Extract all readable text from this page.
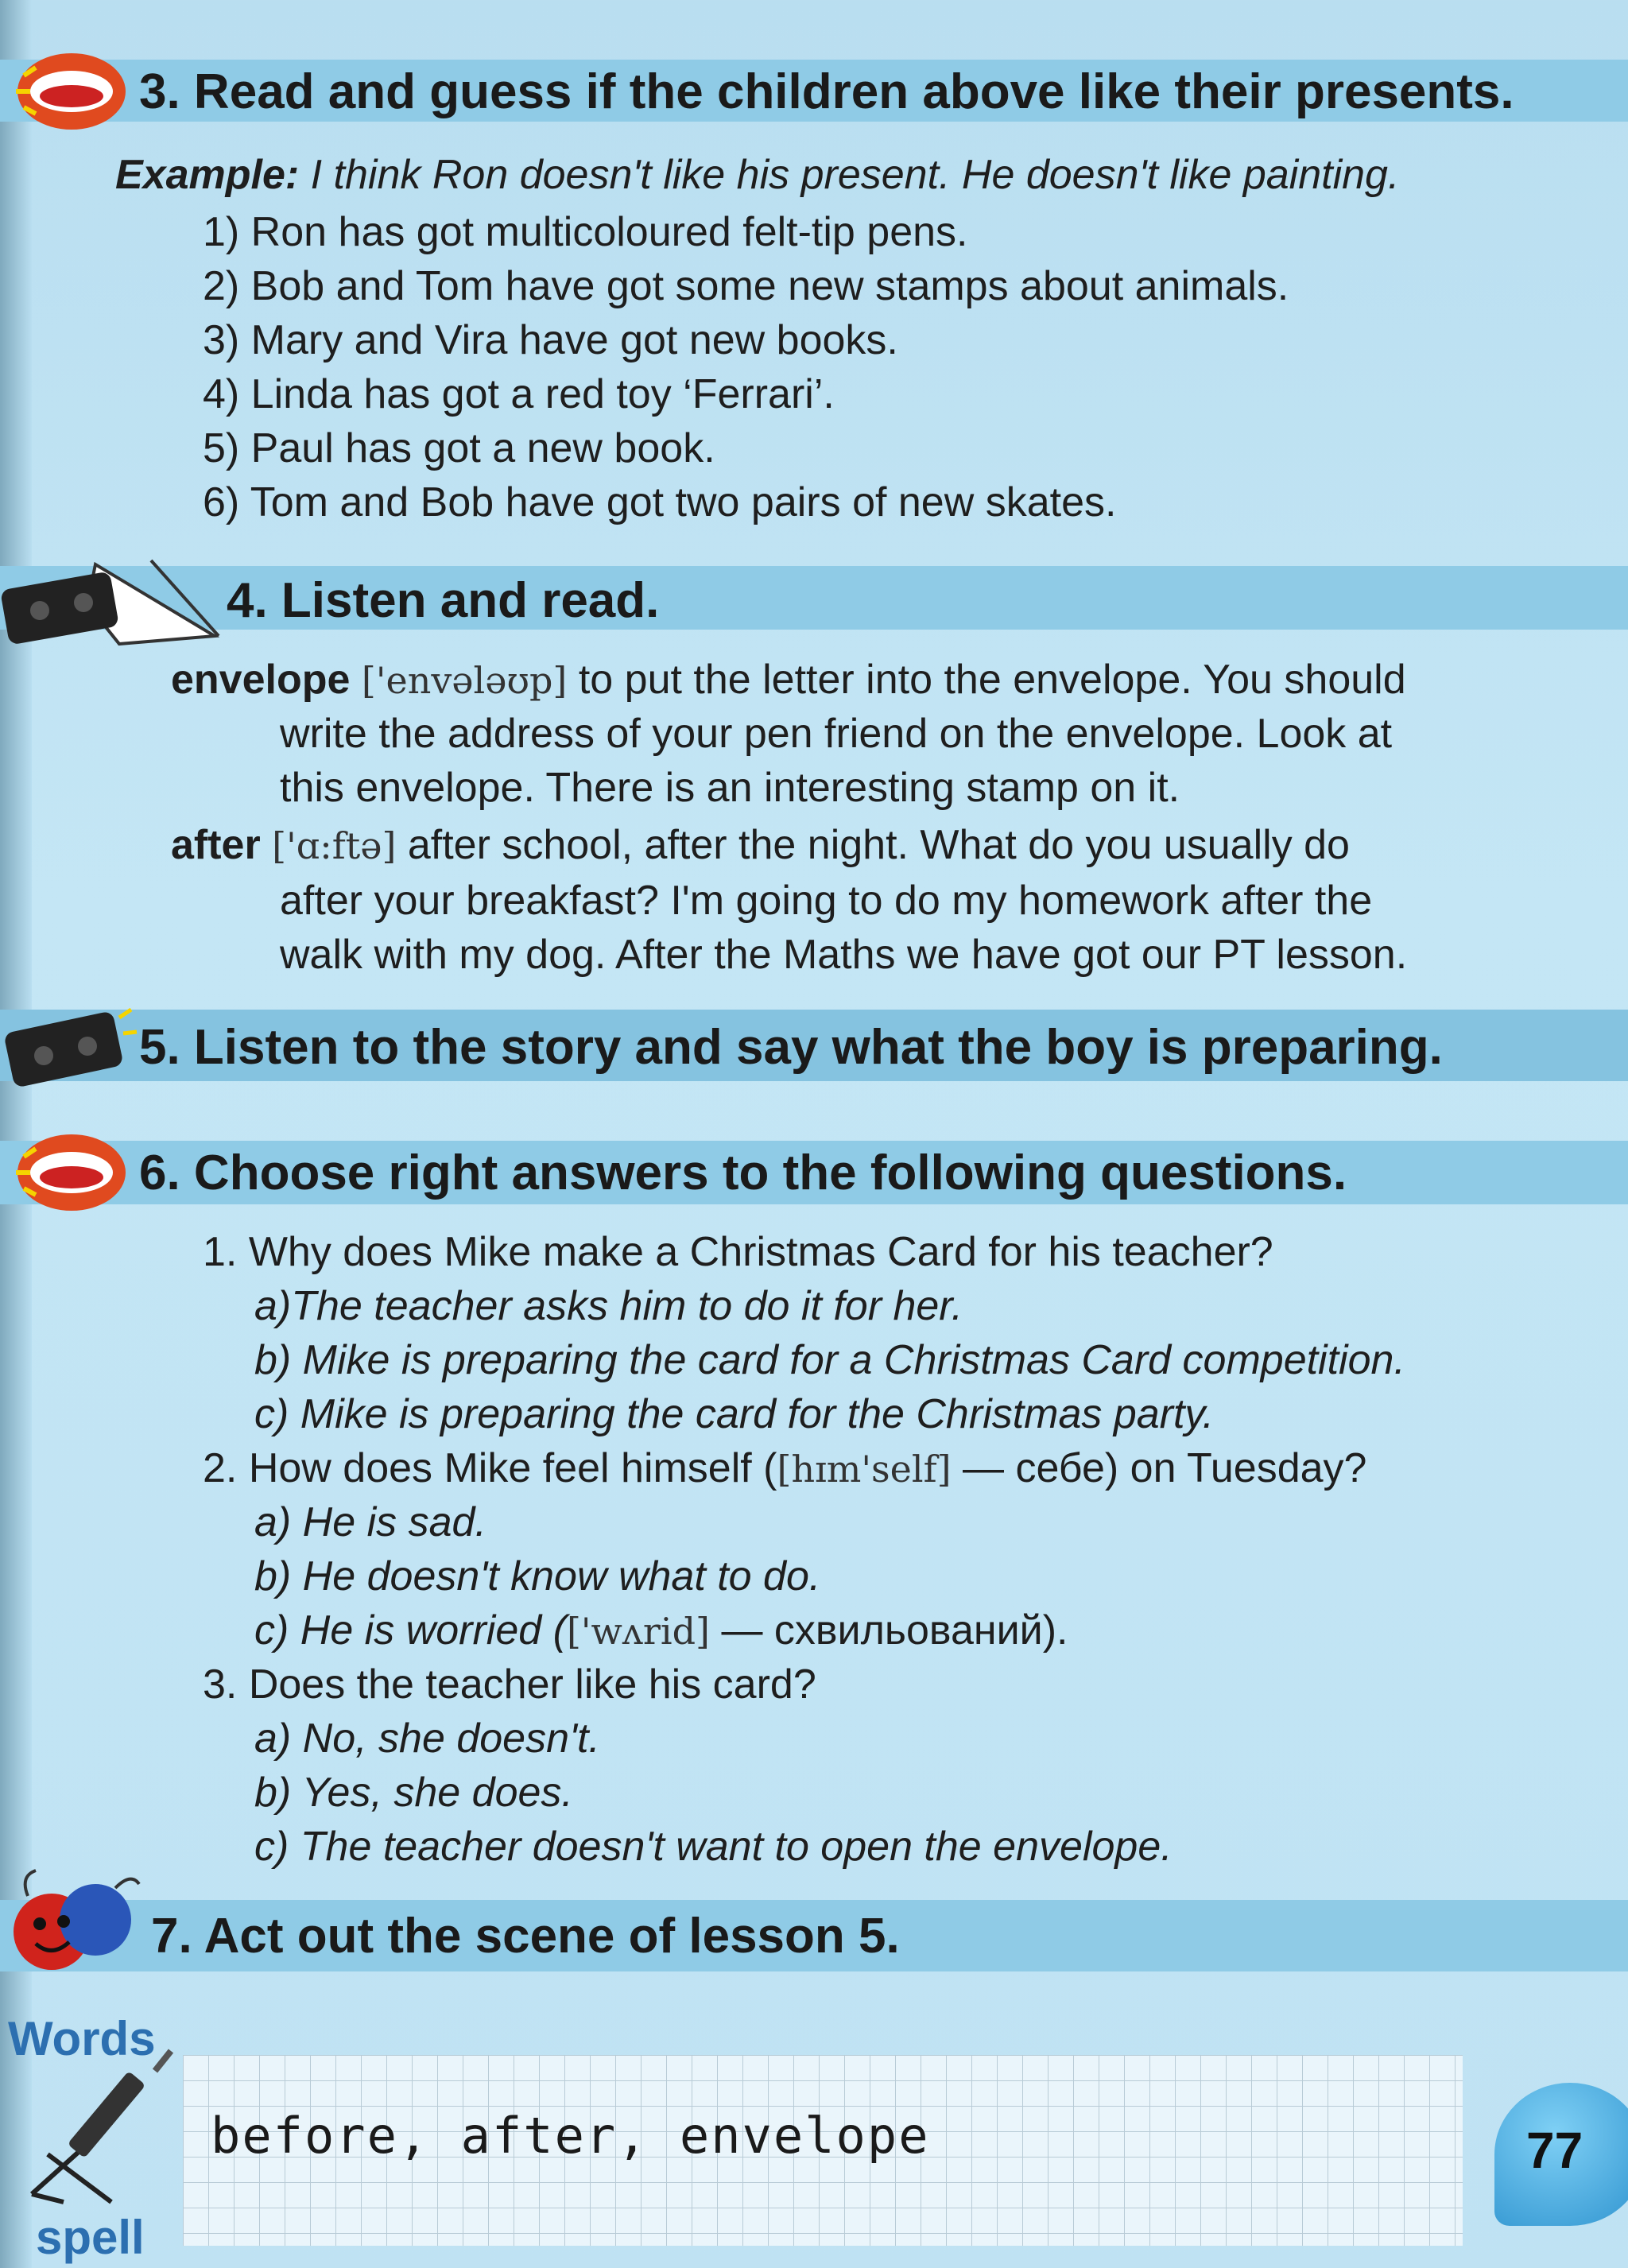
3. Read and guess if the children above like their presents.
Example: I think Ron doesn't like his present. He doesn't like painting.
1) Ron has got multicoloured felt-tip pens.
2) Bob and Tom have got some new stamps about animals.
3) Mary and Vira have got new books.
4) Linda has got a red toy ‘Ferrari’.
5) Paul has got a new book.
6) Tom and Bob have got two pairs of new skates.
4. Listen and read.
envelope ['envələʊp] to put the letter into the envelope. You should
write the address of your pen friend on the envelope. Look at
this envelope. There is an interesting stamp on it.
after ['ɑ:ftə] after school, after the night. What do you usually do
after your breakfast? I'm going to do my homework after the
walk with my dog. After the Maths we have got our PT lesson.
5. Listen to the story and say what the boy is preparing.
6. Choose right answers to the following questions.
1. Why does Mike make a Christmas Card for his teacher?
a)The teacher asks him to do it for her.
b) Mike is preparing the card for a Christmas Card competition.
c) Mike is preparing the card for the Christmas party.
2. How does Mike feel himself ([hɪm'self] — себе) on Tuesday?
a) He is sad.
b) He doesn't know what to do.
c) He is worried (['wʌrid] — схвильований).
3. Does the teacher like his card?
a) No, she doesn't.
b) Yes, she does.
c) The teacher doesn't want to open the envelope.
7. Act out the scene of lesson 5.
Words
before, after, envelope
spell
77
